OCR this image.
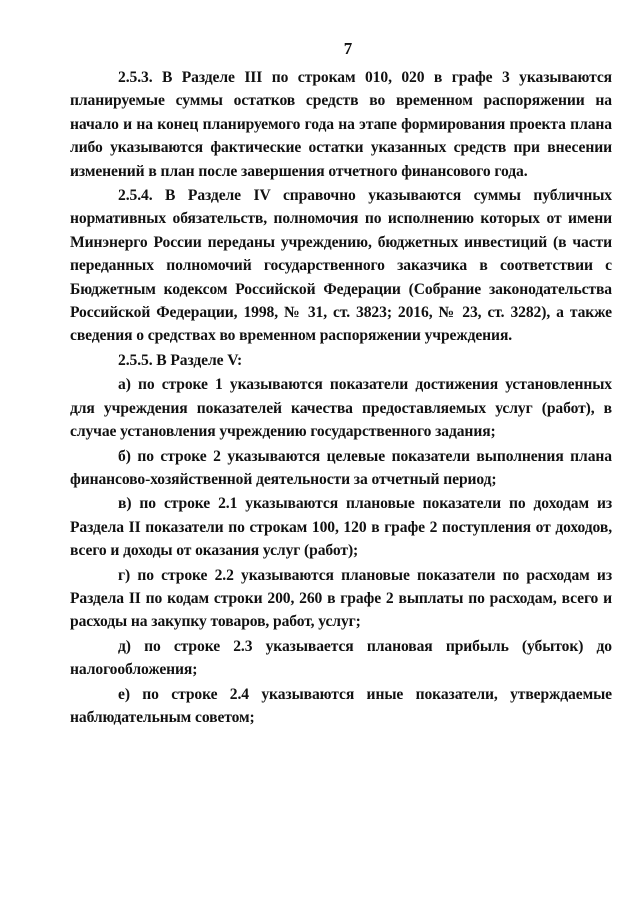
7

2.5.3. В Разделе III по строкам 010, 020 в графе 3 указываются планируемые суммы остатков средств во временном распоряжении на начало и на конец планируемого года на этапе формирования проекта плана либо указываются фактические остатки указанных средств при внесении изменений в план после завершения отчетного финансового года.

2.5.4. В Разделе IV справочно указываются суммы публичных нормативных обязательств, полномочия по исполнению которых от имени Минэнерго России переданы учреждению, бюджетных инвестиций (в части переданных полномочий государственного заказчика в соответствии с Бюджетным кодексом Российской Федерации (Собрание законодательства Российской Федерации, 1998, № 31, ст. 3823; 2016, № 23, ст. 3282), а также сведения о средствах во временном распоряжении учреждения.

2.5.5. В Разделе V:

а) по строке 1 указываются показатели достижения установленных для учреждения показателей качества предоставляемых услуг (работ), в случае установления учреждению государственного задания;

б) по строке 2 указываются целевые показатели выполнения плана финансово-хозяйственной деятельности за отчетный период;

в) по строке 2.1 указываются плановые показатели по доходам из Раздела II показатели по строкам 100, 120 в графе 2 поступления от доходов, всего и доходы от оказания услуг (работ);

г) по строке 2.2 указываются плановые показатели по расходам из Раздела II по кодам строки 200, 260 в графе 2 выплаты по расходам, всего и расходы на закупку товаров, работ, услуг;

д) по строке 2.3 указывается плановая прибыль (убыток) до налогообложения;

е) по строке 2.4 указываются иные показатели, утверждаемые наблюдательным советом;
